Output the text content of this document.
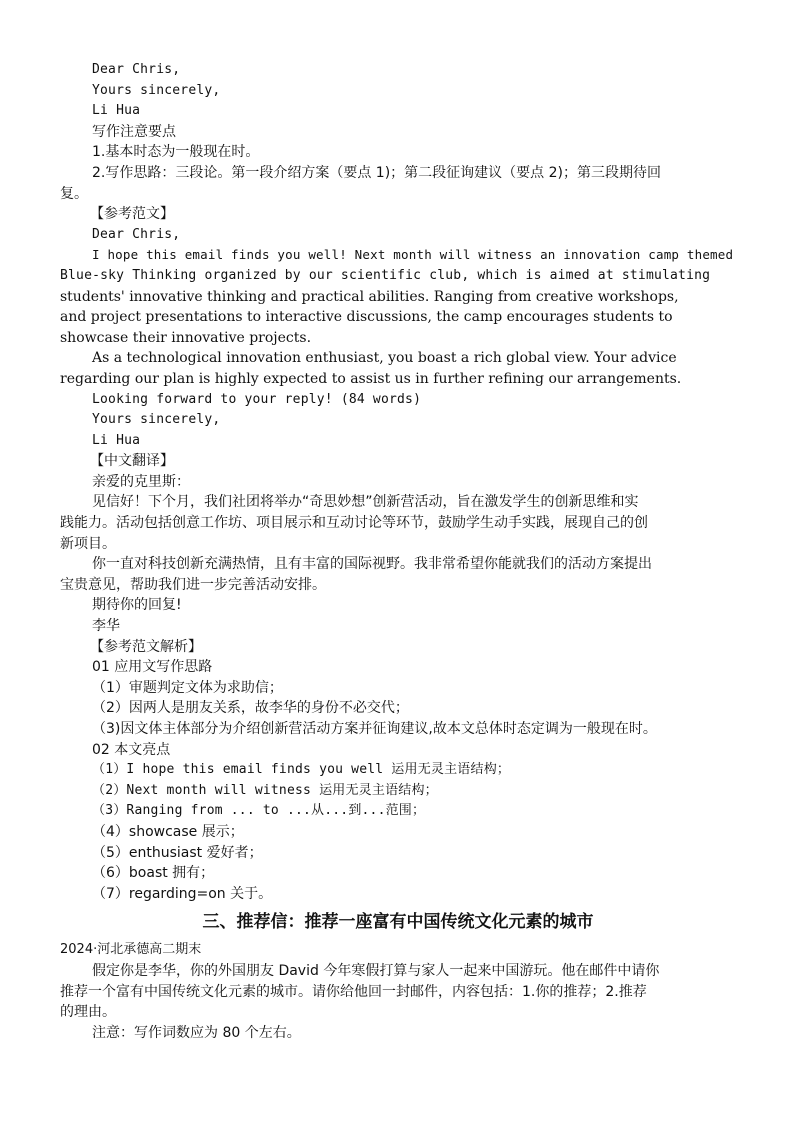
Dear Chris,
Yours sincerely,
Li Hua
写作注意要点
1.基本时态为一般现在时。
2.写作思路：三段论。第一段介绍方案（要点 1)；第二段征询建议（要点 2)；第三段期待回
复。
【参考范文】
Dear Chris,
I hope this email finds you well! Next month will witness an innovation camp themed
Blue-sky Thinking organized by our scientific club, which is aimed at stimulating
students' innovative thinking and practical abilities. Ranging from creative workshops,
and project presentations to interactive discussions, the camp encourages students to
showcase their innovative projects.
As a technological innovation enthusiast, you boast a rich global view. Your advice
regarding our plan is highly expected to assist us in further refining our arrangements.
Looking forward to your reply! (84 words)
Yours sincerely,
Li Hua
【中文翻译】
亲爱的克里斯：
见信好！下个月，我们社团将举办“奇思妙想”创新营活动，旨在激发学生的创新思维和实
践能力。活动包括创意工作坊、项目展示和互动讨论等环节，鼓励学生动手实践，展现自己的创
新项目。
你一直对科技创新充满热情，且有丰富的国际视野。我非常希望你能就我们的活动方案提出
宝贵意见，帮助我们进一步完善活动安排。
期待你的回复!
李华
【参考范文解析】
01 应用文写作思路
（1）审题判定文体为求助信；
（2）因两人是朋友关系，故李华的身份不必交代；
（3)因文体主体部分为介绍创新营活动方案并征询建议,故本文总体时态定调为一般现在时。
02 本文亮点
（1）I hope this email finds you well 运用无灵主语结构；
（2）Next month will witness 运用无灵主语结构；
（3）Ranging from ... to ...从...到...范围；
（4）showcase 展示；
（5）enthusiast 爱好者；
（6）boast 拥有；
（7）regarding=on 关于。
三、推荐信：推荐一座富有中国传统文化元素的城市
2024·河北承德高二期末
假定你是李华，你的外国朋友 David 今年寒假打算与家人一起来中国游玩。他在邮件中请你
推荐一个富有中国传统文化元素的城市。请你给他回一封邮件，内容包括：1.你的推荐；2.推荐
的理由。
注意：写作词数应为 80 个左右。
